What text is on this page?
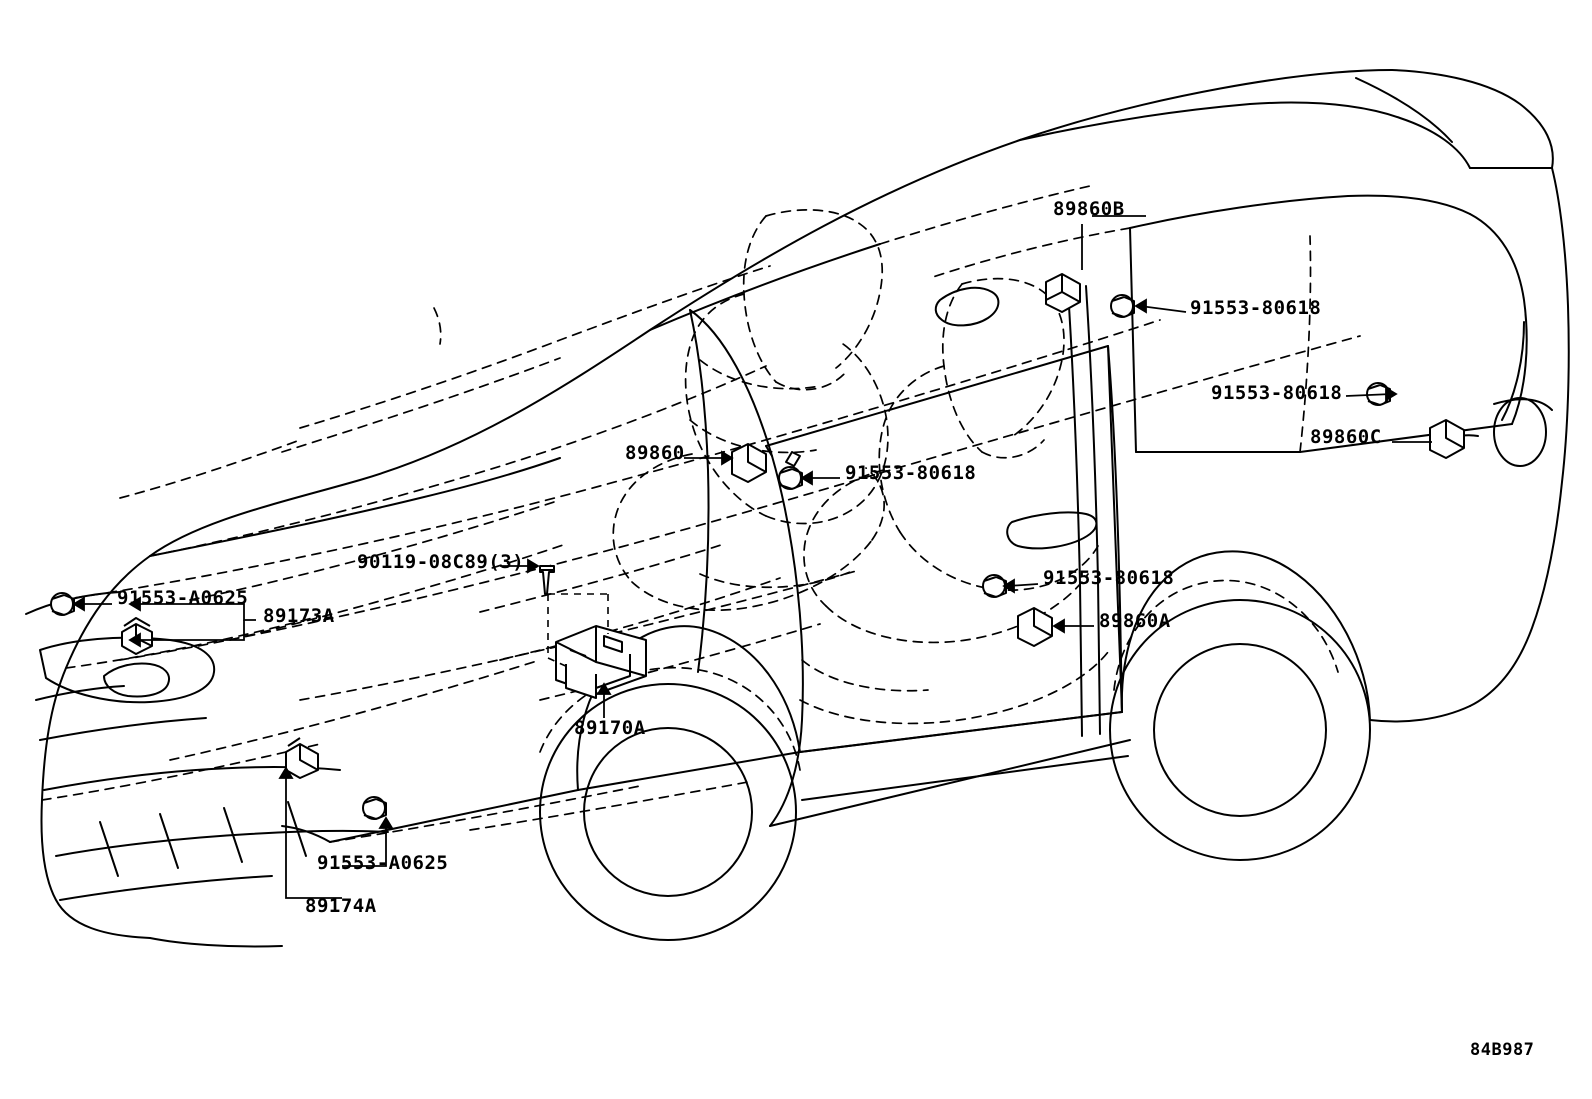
89860B
91553-80618
91553-80618
89860C
89860
91553-80618
90119-08C89(3)
91553-80618
91553-A0625
89173A	89860A
89170A
91553-A0625
89174A
84B987
